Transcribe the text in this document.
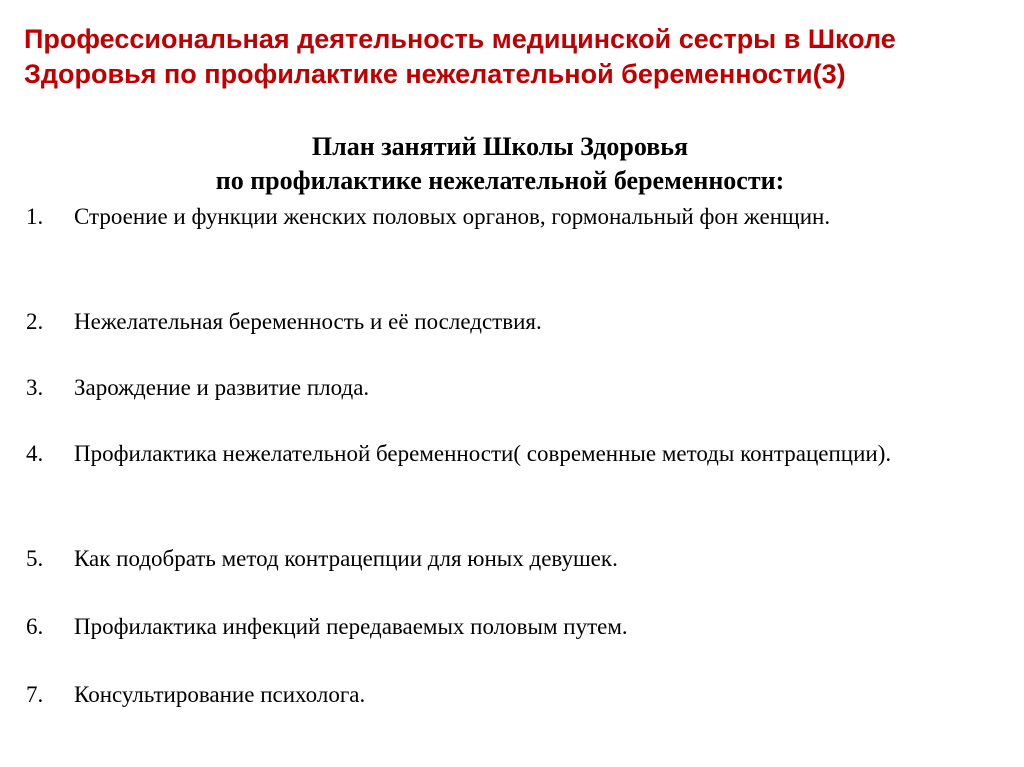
Профессиональная деятельность медицинской сестры в Школе Здоровья по профилактике нежелательной беременности(3)
План занятий Школы Здоровья
по профилактике нежелательной беременности:
1. Строение и функции женских половых органов, гормональный фон женщин.
2. Нежелательная беременность и её последствия.
3. Зарождение и развитие плода.
4. Профилактика нежелательной беременности( современные методы контрацепции).
5. Как подобрать метод контрацепции для юных девушек.
6. Профилактика инфекций передаваемых половым путем.
7. Консультирование психолога.
